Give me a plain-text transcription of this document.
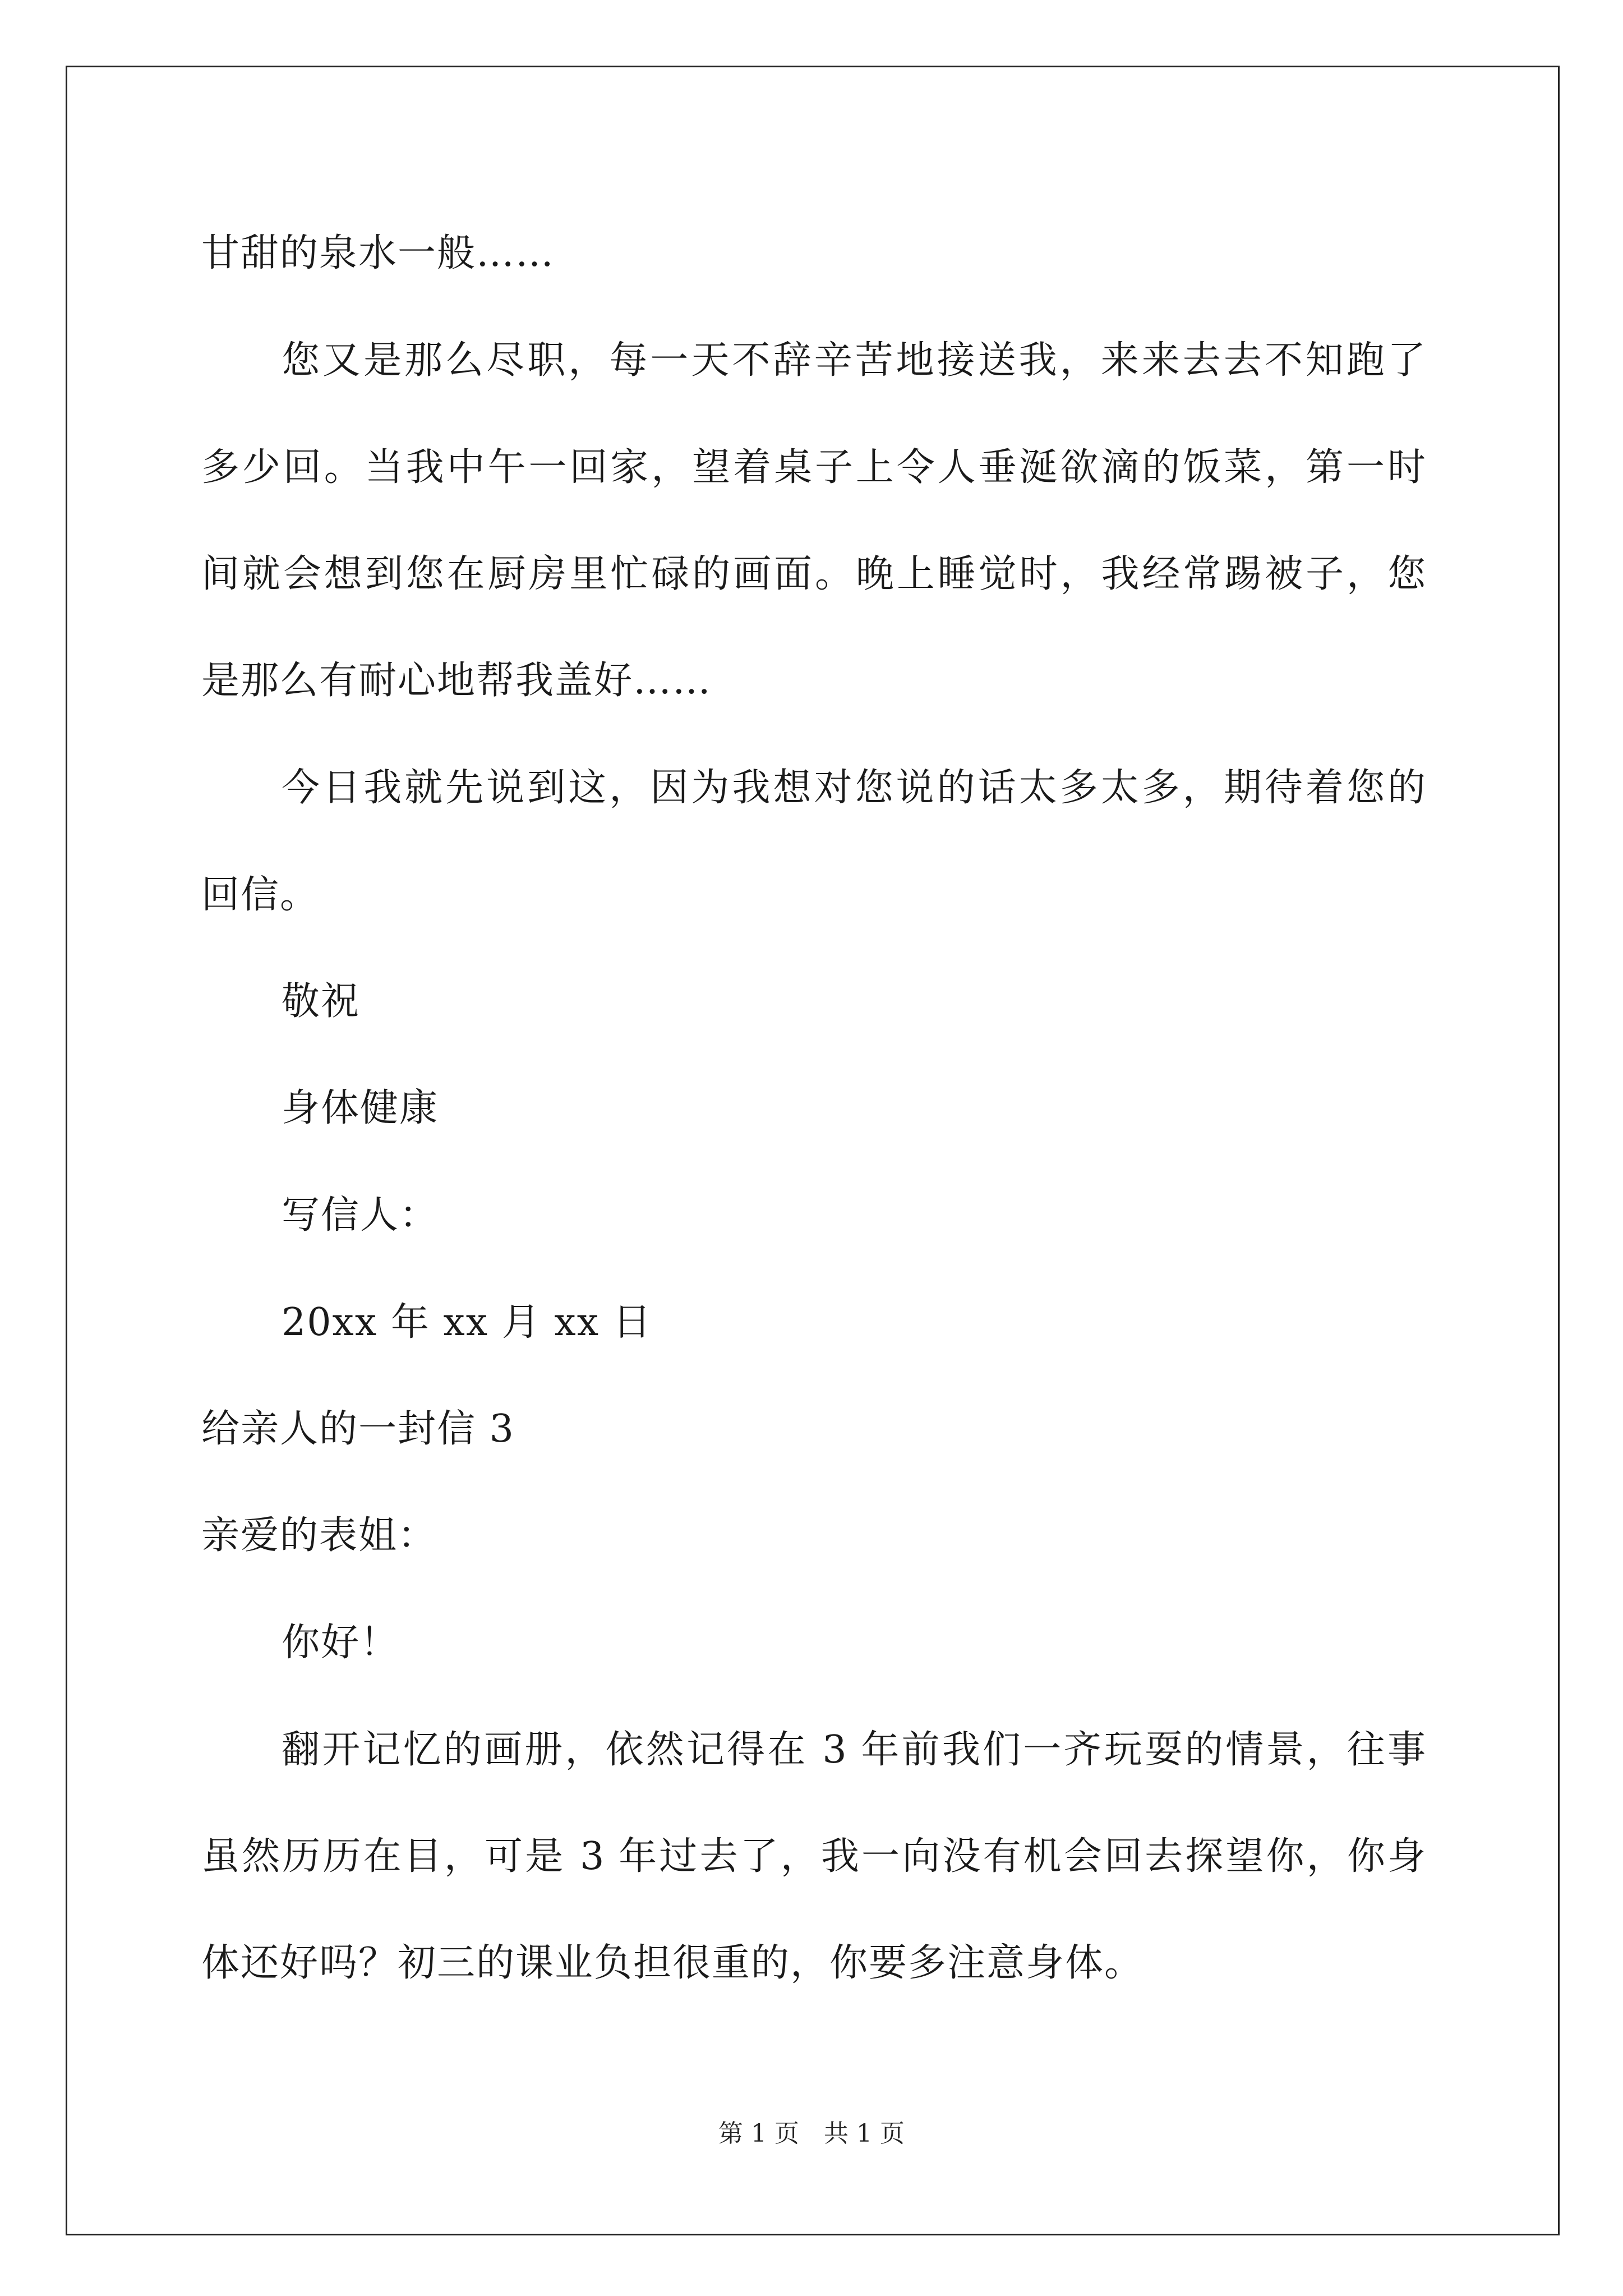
甘甜的泉水一般……
您又是那么尽职，每一天不辞辛苦地接送我，来来去去不知跑了
多少回。当我中午一回家，望着桌子上令人垂涎欲滴的饭菜，第一时
间就会想到您在厨房里忙碌的画面。晚上睡觉时，我经常踢被子，您
是那么有耐心地帮我盖好……
今日我就先说到这，因为我想对您说的话太多太多，期待着您的
回信。
敬祝
身体健康
写信人：
20xx 年 xx 月 xx 日
给亲人的一封信 3
亲爱的表姐：
你好！
翻开记忆的画册，依然记得在 3 年前我们一齐玩耍的情景，往事
虽然历历在目，可是 3 年过去了，我一向没有机会回去探望你，你身
体还好吗？初三的课业负担很重的，你要多注意身体。
第 1 页　共 1 页
